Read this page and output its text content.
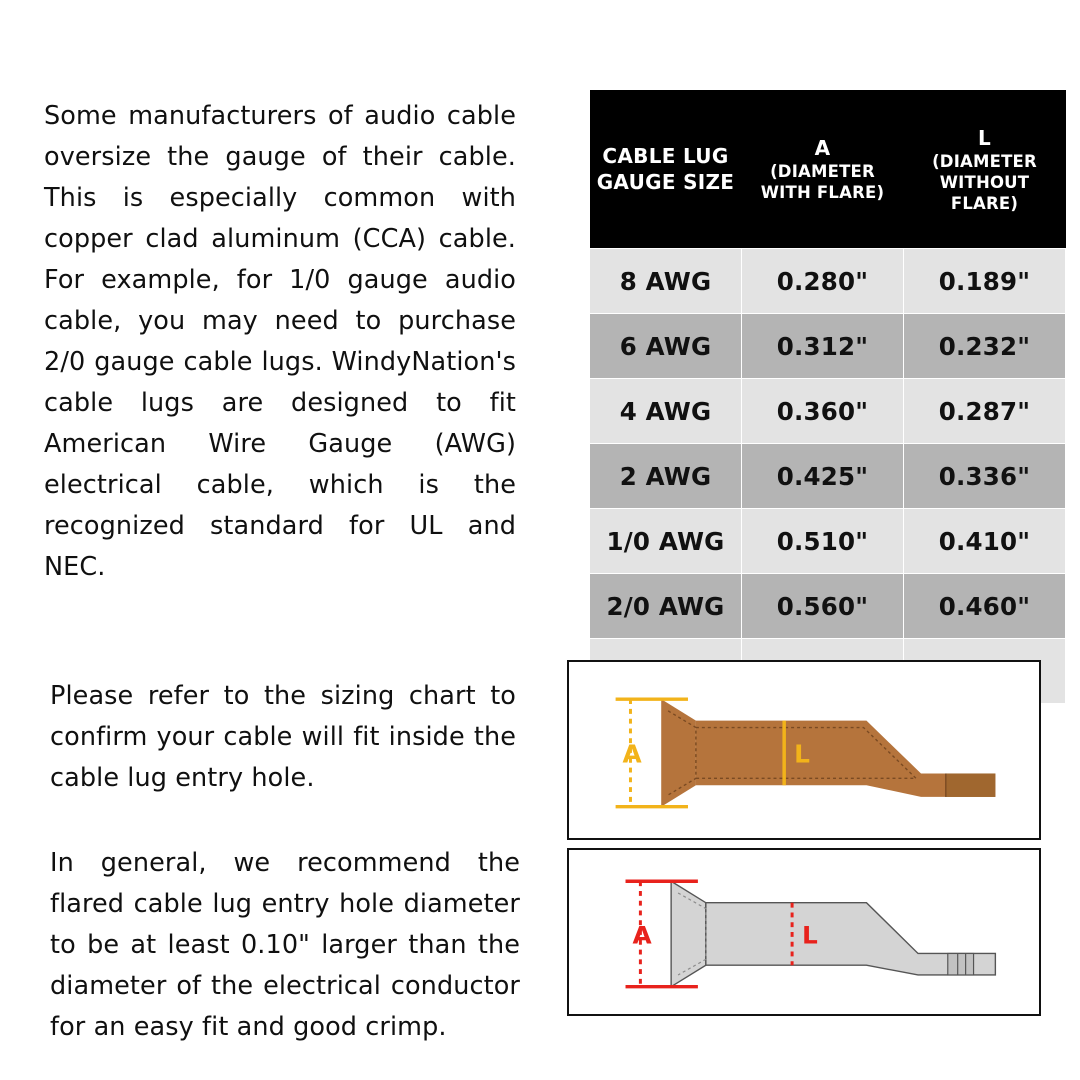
Some manufacturers of audio cable oversize the gauge of their cable. This is especially common with copper clad aluminum (CCA) cable. For example, for 1/0 gauge audio cable, you may need to purchase 2/0 gauge cable lugs. WindyNation's cable lugs are designed to fit American Wire Gauge (AWG) electrical cable, which is the recognized standard for UL and NEC.

Please refer to the sizing chart to confirm your cable will fit inside the cable lug entry hole.

In general, we recommend the flared cable lug entry hole diameter to be at least 0.10" larger than the diameter of the electrical conductor for an easy fit and good crimp.

CABLE LUG GAUGE SIZE

A
(DIAMETER WITH FLARE)

L
(DIAMETER WITHOUT FLARE)

8 AWG	0.280"	0.189"
6 AWG	0.312"	0.232"
4 AWG	0.360"	0.287"
2 AWG	0.425"	0.336"
1/0 AWG	0.510"	0.410"
2/0 AWG	0.560"	0.460"

A	L
A	L
